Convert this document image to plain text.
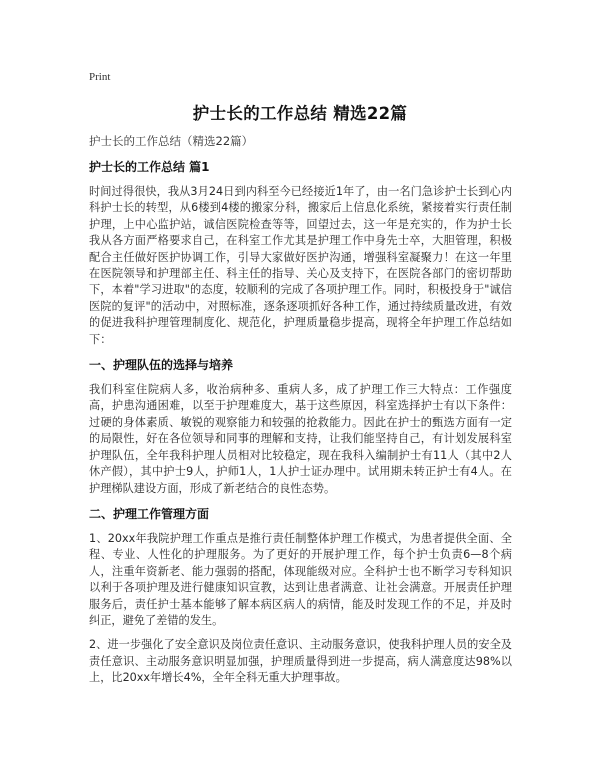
Print
护士长的工作总结 精选22篇

护士长的工作总结（精选22篇）

护士长的工作总结 篇1

时间过得很快，我从3月24日到内科至今已经接近1年了，由一名门急诊护士长到心内科护士长的转型，从6楼到4楼的搬家分科，搬家后上信息化系统，紧接着实行责任制护理，上中心监护站，诚信医院检查等等，回望过去，这一年是充实的，作为护士长我从各方面严格要求自己，在科室工作尤其是护理工作中身先士卒，大胆管理，积极配合主任做好医护协调工作，引导大家做好医护沟通，增强科室凝聚力！在这一年里在医院领导和护理部主任、科主任的指导、关心及支持下，在医院各部门的密切帮助下，本着"学习进取"的态度，较顺利的完成了各项护理工作。同时，积极投身于"诚信医院的复评"的活动中，对照标准，逐条逐项抓好各种工作，通过持续质量改进，有效的促进我科护理管理制度化、规范化，护理质量稳步提高，现将全年护理工作总结如下：

一、护理队伍的选择与培养

我们科室住院病人多，收治病种多、重病人多，成了护理工作三大特点：工作强度高，护患沟通困难，以至于护理难度大，基于这些原因，科室选择护士有以下条件：过硬的身体素质、敏锐的观察能力和较强的抢救能力。因此在护士的甄选方面有一定的局限性，好在各位领导和同事的理解和支持，让我们能坚持自己，有计划发展科室护理队伍，全年我科护理人员相对比较稳定，现在我科入编制护士有11人（其中2人休产假），其中护士9人，护师1人，1人护士证办理中。试用期未转正护士有4人。在护理梯队建设方面，形成了新老结合的良性态势。

二、护理工作管理方面

1、20xx年我院护理工作重点是推行责任制整体护理工作模式，为患者提供全面、全程、专业、人性化的护理服务。为了更好的开展护理工作，每个护士负责6—8个病人，注重年资新老、能力强弱的搭配，体现能级对应。全科护士也不断学习专科知识以利于各项护理及进行健康知识宣教，达到让患者满意、让社会满意。开展责任护理服务后，责任护士基本能够了解本病区病人的病情，能及时发现工作的不足，并及时纠正，避免了差错的发生。

2、进一步强化了安全意识及岗位责任意识、主动服务意识，使我科护理人员的安全及责任意识、主动服务意识明显加强，护理质量得到进一步提高，病人满意度达98%以上，比20xx年增长4%，全年全科无重大护理事故。
